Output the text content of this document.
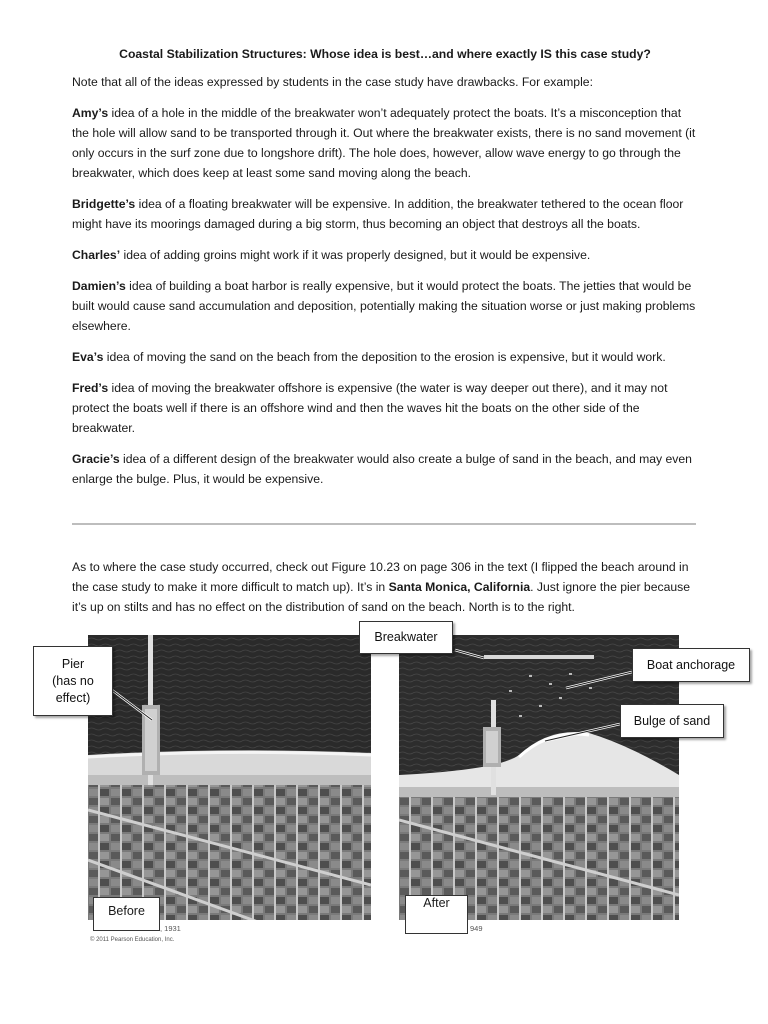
Coastal Stabilization Structures: Whose idea is best…and where exactly IS this case study?

Note that all of the ideas expressed by students in the case study have drawbacks. For example:

Amy’s idea of a hole in the middle of the breakwater won’t adequately protect the boats. It’s a misconception that the hole will allow sand to be transported through it. Out where the breakwater exists, there is no sand movement (it only occurs in the surf zone due to longshore drift). The hole does, however, allow wave energy to go through the breakwater, which does keep at least some sand moving along the beach.

Bridgette’s idea of a floating breakwater will be expensive. In addition, the breakwater tethered to the ocean floor might have its moorings damaged during a big storm, thus becoming an object that destroys all the boats.

Charles’ idea of adding groins might work if it was properly designed, but it would be expensive.

Damien’s idea of building a boat harbor is really expensive, but it would protect the boats. The jetties that would be built would cause sand accumulation and deposition, potentially making the situation worse or just making problems elsewhere.

Eva’s idea of moving the sand on the beach from the deposition to the erosion is expensive, but it would work.

Fred’s idea of moving the breakwater offshore is expensive (the water is way deeper out there), and it may not protect the boats well if there is an offshore wind and then the waves hit the boats on the other side of the breakwater.

Gracie’s idea of a different design of the breakwater would also create a bulge of sand in the beach, and may even enlarge the bulge. Plus, it would be expensive.

As to where the case study occurred, check out Figure 10.23 on page 306 in the text (I flipped the beach around in the case study to make it more difficult to match up). It’s in Santa Monica, California. Just ignore the pier because it’s up on stilts and has no effect on the distribution of sand on the beach. North is to the right.
Pier
(has no
effect)
Breakwater
Boat anchorage
Bulge of sand
Before
After
, 1931	949
© 2011 Pearson Education, Inc.
